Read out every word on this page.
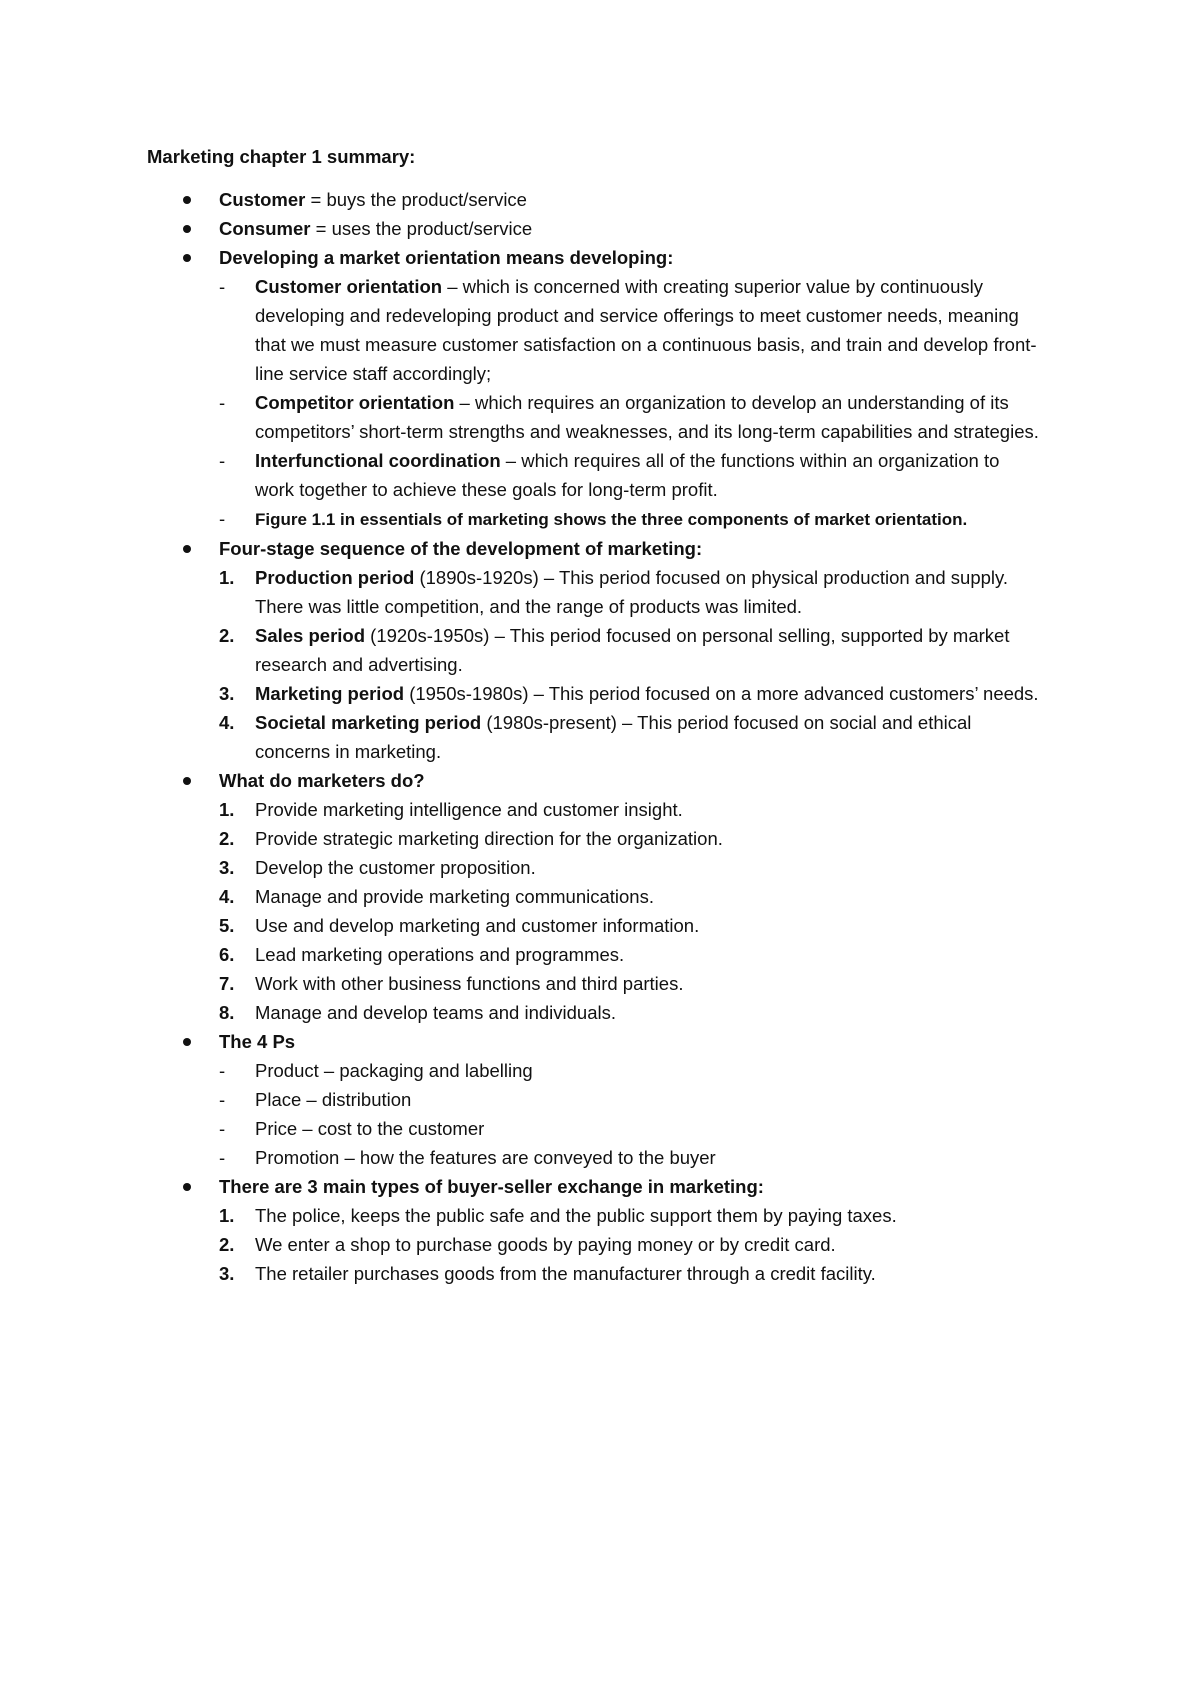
Marketing chapter 1 summary:
Customer = buys the product/service
Consumer = uses the product/service
Developing a market orientation means developing:
- Customer orientation – which is concerned with creating superior value by continuously developing and redeveloping product and service offerings to meet customer needs, meaning that we must measure customer satisfaction on a continuous basis, and train and develop front-line service staff accordingly;
- Competitor orientation – which requires an organization to develop an understanding of its competitors’ short-term strengths and weaknesses, and its long-term capabilities and strategies.
- Interfunctional coordination – which requires all of the functions within an organization to work together to achieve these goals for long-term profit.
- Figure 1.1 in essentials of marketing shows the three components of market orientation.
Four-stage sequence of the development of marketing:
1. Production period (1890s-1920s) – This period focused on physical production and supply. There was little competition, and the range of products was limited.
2. Sales period (1920s-1950s) – This period focused on personal selling, supported by market research and advertising.
3. Marketing period (1950s-1980s) – This period focused on a more advanced customers’ needs.
4. Societal marketing period (1980s-present) – This period focused on social and ethical concerns in marketing.
What do marketers do?
1. Provide marketing intelligence and customer insight.
2. Provide strategic marketing direction for the organization.
3. Develop the customer proposition.
4. Manage and provide marketing communications.
5. Use and develop marketing and customer information.
6. Lead marketing operations and programmes.
7. Work with other business functions and third parties.
8. Manage and develop teams and individuals.
The 4 Ps
- Product – packaging and labelling
- Place – distribution
- Price – cost to the customer
- Promotion – how the features are conveyed to the buyer
There are 3 main types of buyer-seller exchange in marketing:
1. The police, keeps the public safe and the public support them by paying taxes.
2. We enter a shop to purchase goods by paying money or by credit card.
3. The retailer purchases goods from the manufacturer through a credit facility.
